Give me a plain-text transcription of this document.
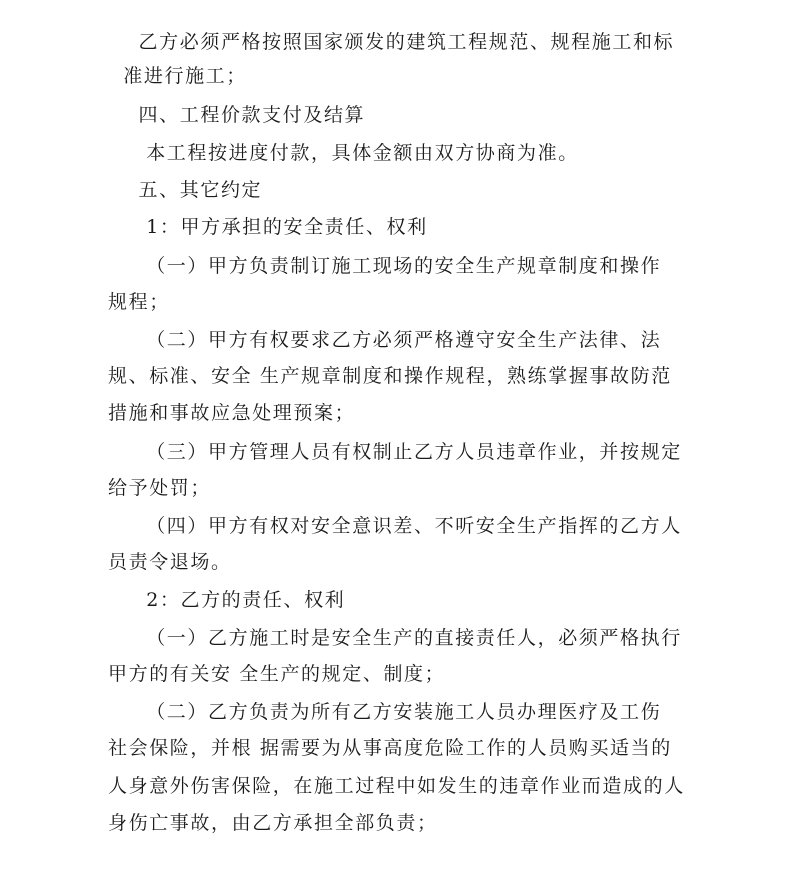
乙方必须严格按照国家颁发的建筑工程规范、规程施工和标
准进行施工；
四、工程价款支付及结算
本工程按进度付款，具体金额由双方协商为准。
五、其它约定
1：甲方承担的安全责任、权利
（一）甲方负责制订施工现场的安全生产规章制度和操作
规程；
（二）甲方有权要求乙方必须严格遵守安全生产法律、法
规、标准、安全 生产规章制度和操作规程，熟练掌握事故防范
措施和事故应急处理预案；
（三）甲方管理人员有权制止乙方人员违章作业，并按规定
给予处罚；
（四）甲方有权对安全意识差、不听安全生产指挥的乙方人
员责令退场。
2：乙方的责任、权利
（一）乙方施工时是安全生产的直接责任人，必须严格执行
甲方的有关安 全生产的规定、制度；
（二）乙方负责为所有乙方安装施工人员办理医疗及工伤
社会保险，并根 据需要为从事高度危险工作的人员购买适当的
人身意外伤害保险，在施工过程中如发生的违章作业而造成的人
身伤亡事故，由乙方承担全部负责；
